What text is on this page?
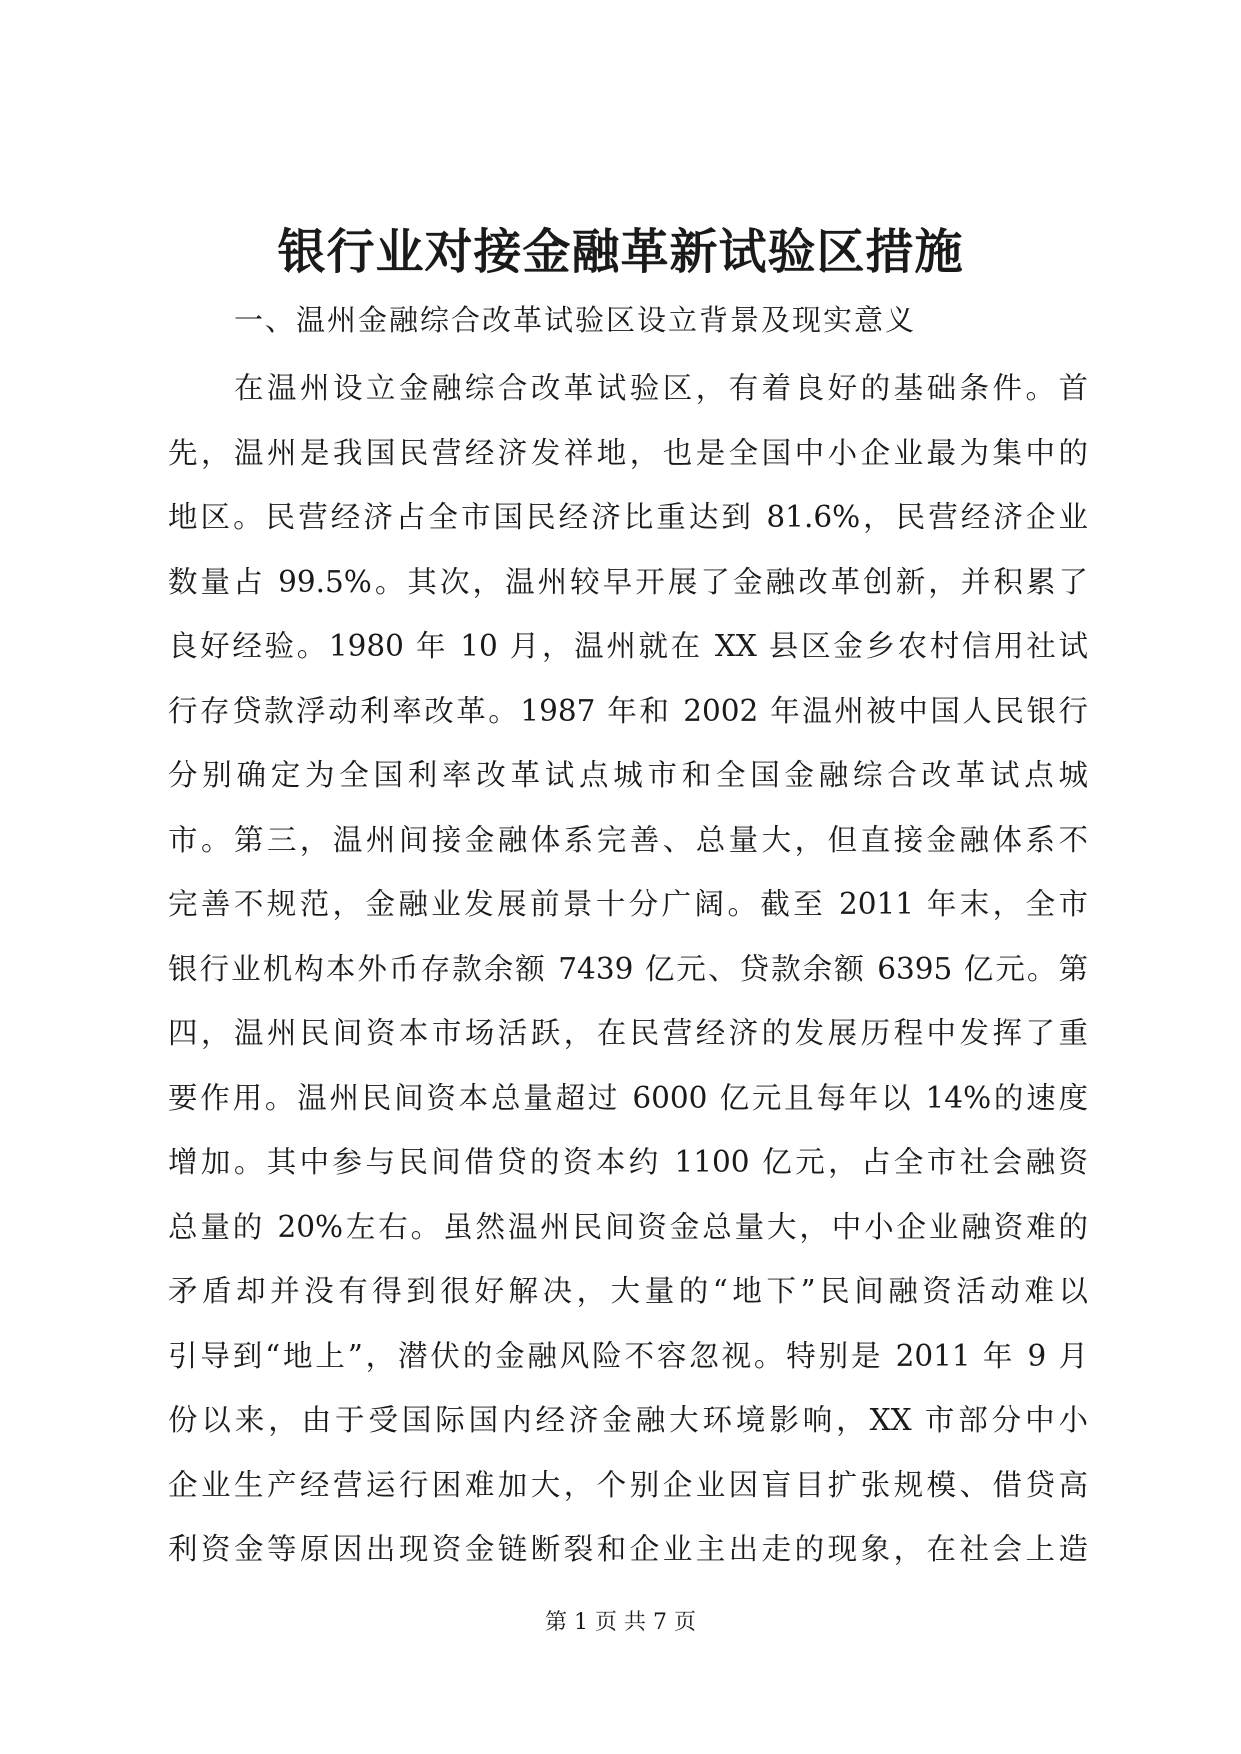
银行业对接金融革新试验区措施
一、温州金融综合改革试验区设立背景及现实意义
在温州设立金融综合改革试验区，有着良好的基础条件。首
先，温州是我国民营经济发祥地，也是全国中小企业最为集中的
地区。民营经济占全市国民经济比重达到 81.6%，民营经济企业
数量占 99.5%。其次，温州较早开展了金融改革创新，并积累了
良好经验。1980 年 10 月，温州就在 XX 县区金乡农村信用社试
行存贷款浮动利率改革。1987 年和 2002 年温州被中国人民银行
分别确定为全国利率改革试点城市和全国金融综合改革试点城
市。第三，温州间接金融体系完善、总量大，但直接金融体系不
完善不规范，金融业发展前景十分广阔。截至 2011 年末，全市
银行业机构本外币存款余额 7439 亿元、贷款余额 6395 亿元。第
四，温州民间资本市场活跃，在民营经济的发展历程中发挥了重
要作用。温州民间资本总量超过 6000 亿元且每年以 14%的速度
增加。其中参与民间借贷的资本约 1100 亿元，占全市社会融资
总量的 20%左右。虽然温州民间资金总量大，中小企业融资难的
矛盾却并没有得到很好解决，大量的“地下”民间融资活动难以
引导到“地上”，潜伏的金融风险不容忽视。特别是 2011 年 9 月
份以来，由于受国际国内经济金融大环境影响，XX 市部分中小
企业生产经营运行困难加大，个别企业因盲目扩张规模、借贷高
利资金等原因出现资金链断裂和企业主出走的现象，在社会上造
第 1 页 共 7 页
